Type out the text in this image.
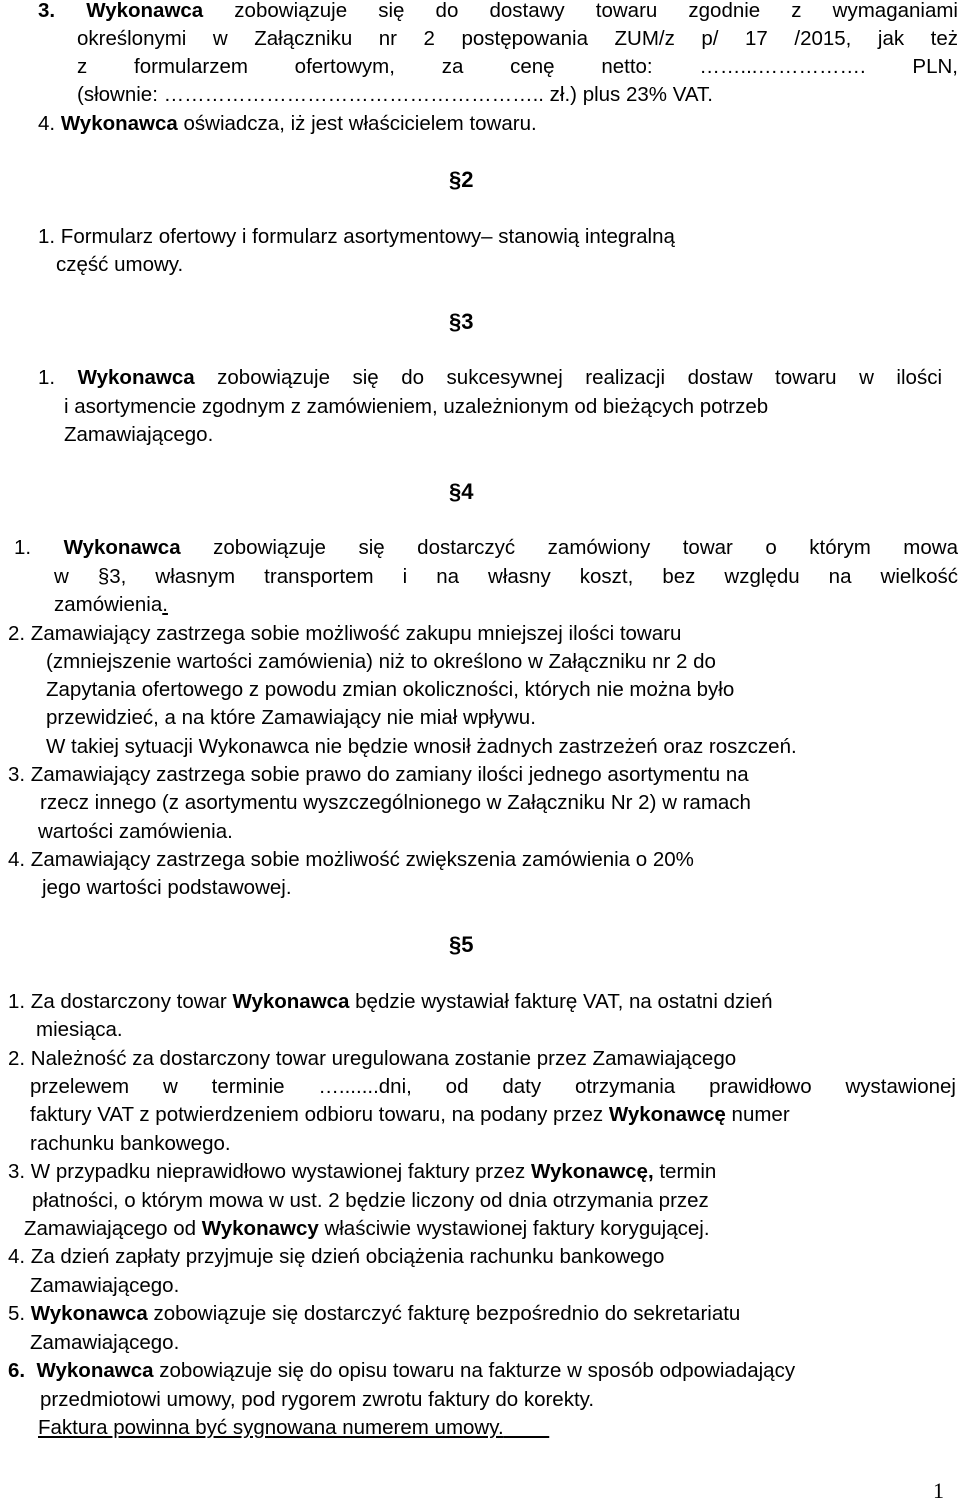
3. Wykonawca zobowiązuje się do dostawy towaru zgodnie z wymaganiami
określonymi w Załączniku nr 2 postępowania ZUM/z p/ 17 /2015, jak też
z formularzem ofertowym, za cenę netto: ……...……………. PLN,
(słownie: ……………………………………………….. zł.) plus 23% VAT.
4. Wykonawca oświadcza, iż jest właścicielem towaru.
§2
1. Formularz ofertowy i formularz asortymentowy– stanowią integralną
część umowy.
§3
1. Wykonawca zobowiązuje się do sukcesywnej realizacji dostaw towaru w ilości
i asortymencie zgodnym z zamówieniem, uzależnionym od bieżących potrzeb
Zamawiającego.
§4
1. Wykonawca zobowiązuje się dostarczyć zamówiony towar o którym mowa
w §3, własnym transportem i na własny koszt, bez względu na wielkość
zamówienia.
2. Zamawiający zastrzega sobie możliwość zakupu mniejszej ilości towaru
(zmniejszenie wartości zamówienia) niż to określono w Załączniku nr 2 do
Zapytania ofertowego z powodu zmian okoliczności, których nie można było
przewidzieć, a na które Zamawiający nie miał wpływu.
W takiej sytuacji Wykonawca nie będzie wnosił żadnych zastrzeżeń oraz roszczeń.
3. Zamawiający zastrzega sobie prawo do zamiany ilości jednego asortymentu na
rzecz innego (z asortymentu wyszczególnionego w Załączniku Nr 2) w ramach
wartości zamówienia.
4. Zamawiający zastrzega sobie możliwość zwiększenia zamówienia o 20%
jego wartości podstawowej.
§5
1. Za dostarczony towar Wykonawca będzie wystawiał fakturę VAT, na ostatni dzień
miesiąca.
2. Należność za dostarczony towar uregulowana zostanie przez Zamawiającego
przelewem w terminie ….......dni, od daty otrzymania prawidłowo wystawionej
faktury VAT z potwierdzeniem odbioru towaru, na podany przez Wykonawcę numer
rachunku bankowego.
3. W przypadku nieprawidłowo wystawionej faktury przez Wykonawcę, termin
płatności, o którym mowa w ust. 2 będzie liczony od dnia otrzymania przez
Zamawiającego od Wykonawcy właściwie wystawionej faktury korygującej.
4. Za dzień zapłaty przyjmuje się dzień obciążenia rachunku bankowego
Zamawiającego.
5. Wykonawca zobowiązuje się dostarczyć fakturę bezpośrednio do sekretariatu
Zamawiającego.
6. Wykonawca zobowiązuje się do opisu towaru na fakturze w sposób odpowiadający
przedmiotowi umowy, pod rygorem zwrotu faktury do korekty.
Faktura powinna być sygnowana numerem umowy.
1
